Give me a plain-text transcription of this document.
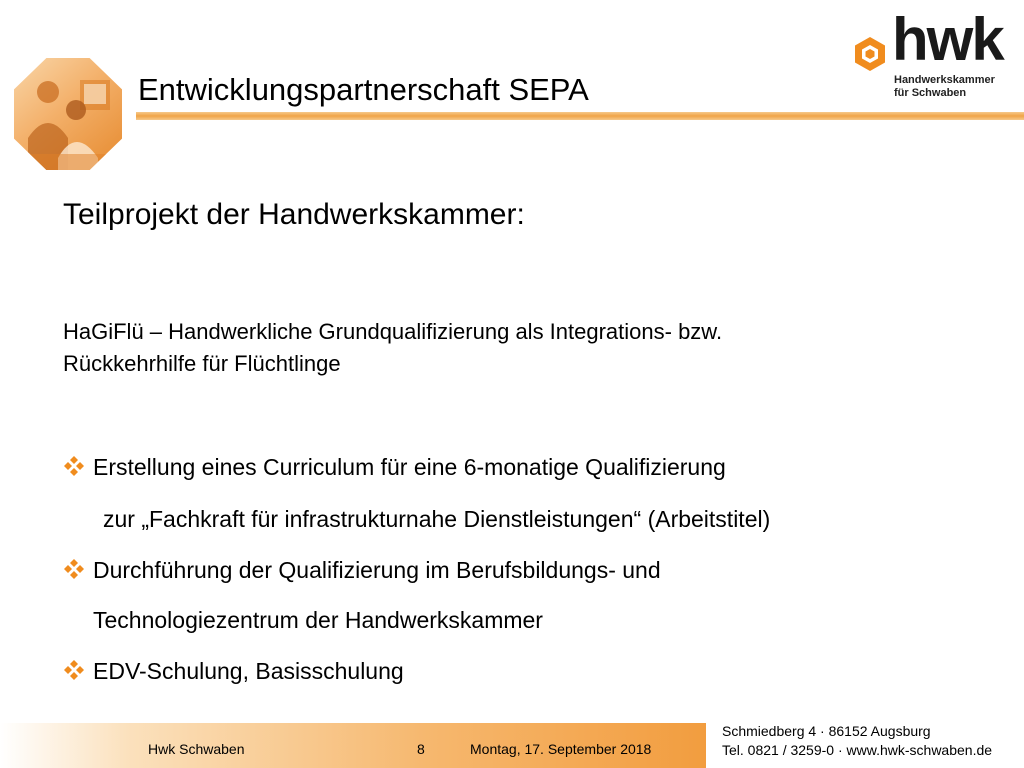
Entwicklungspartnerschaft SEPA
hwk
Handwerkskammer
für Schwaben
Teilprojekt der Handwerkskammer:
HaGiFlü – Handwerkliche Grundqualifizierung als Integrations- bzw.
Rückkehrhilfe für Flüchtlinge
Erstellung eines Curriculum für eine 6-monatige Qualifizierung
zur „Fachkraft für infrastrukturnahe Dienstleistungen“ (Arbeitstitel)
Durchführung der Qualifizierung im Berufsbildungs- und
Technologiezentrum der Handwerkskammer
EDV-Schulung, Basisschulung
Hwk Schwaben	8	Montag, 17. September 2018
Schmiedberg 4 · 86152 Augsburg
Tel. 0821 / 3259-0 · www.hwk-schwaben.de
